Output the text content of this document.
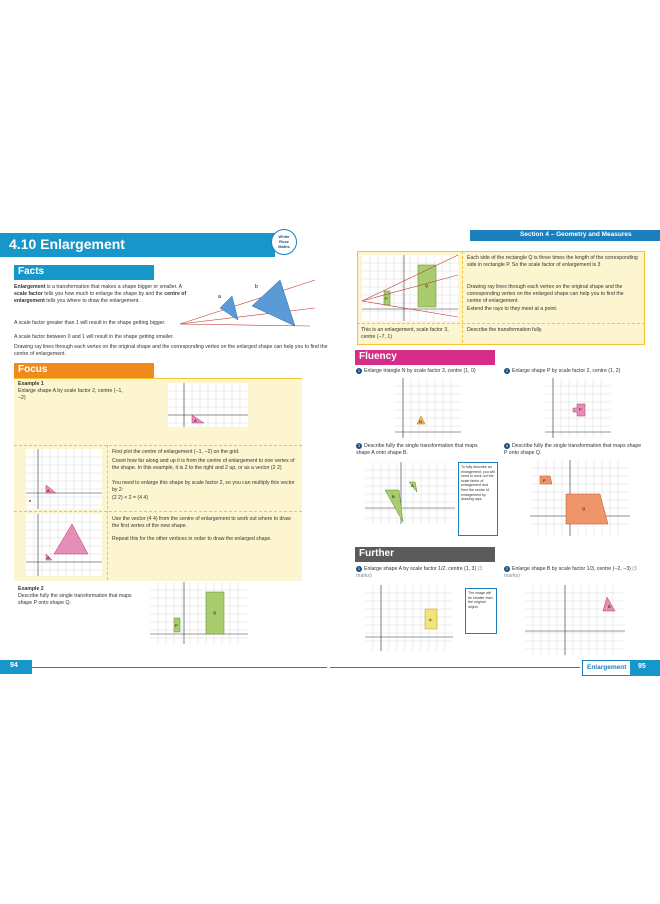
4.10 Enlargement	White
Rose
Maths
Facts
Enlargement is a transformation that makes a shape bigger or smaller. A scale factor tells you how much to enlarge the shape by and the centre of enlargement tells you where to draw the enlargement.
A scale factor greater than 1 will result in the shape getting bigger.
A scale factor between 0 and 1 will result in the shape getting smaller.
Drawing ray lines through each vertex on the original shape and the corresponding vertex on the enlarged shape can help you to find the centre of enlargement.
a
b
Focus
Example 1
Enlarge shape A by scale factor 2, centre (−1, −2)
A
A
First plot the centre of enlargement (−1, −2) on the grid.
Count how far along and up it is from the centre of enlargement to one vertex of the shape. In this example, it is 2 to the right and 2 up, or as a vector (2 2)
You need to enlarge this shape by scale factor 2, so you can multiply this vector by 2:
(2 2) × 2 = (4 4)
A
Use the vector (4 4) from the centre of enlargement to work out where to draw the first vertex of the new shape.
Repeat this for the other vertices in order to draw the enlarged shape.
Example 2
Describe fully the single transformation that maps shape P onto shape Q.
P
Q
94
Section 4 – Geometry and Measures
P
Q
Each side of the rectangle Q is three times the length of the corresponding side in rectangle P. So the scale factor of enlargement is 3
Drawing ray lines through each vertex on the original shape and the corresponding vertex on the enlarged shape can help you to find the centre of enlargement.
Extend the rays to they meet at a point.
This is an enlargement, scale factor 3, centre (−7, 1)
Describe the transformation fully.
Fluency
1 Enlarge triangle N by scale factor 3, centre (1, 0)
N
2 Enlarge shape P by scale factor 2, centre (1, 2)
P
3 Describe fully the single transformation that maps shape A onto shape B.
B
A
To fully describe an enlargement, you will need to work out the scale factor of enlargement and then the centre of enlargement by drawing rays.
4 Describe fully the single transformation that maps shape P onto shape Q.
P
Q
Further
1 Enlarge shape A by scale factor 1/2, centre (1, 3) (3 marks)
A
The image will be smaller than the original object.
2 Enlarge shape B by scale factor 1/3, centre (−2, −3) (3 marks)
B
Enlargement 95
